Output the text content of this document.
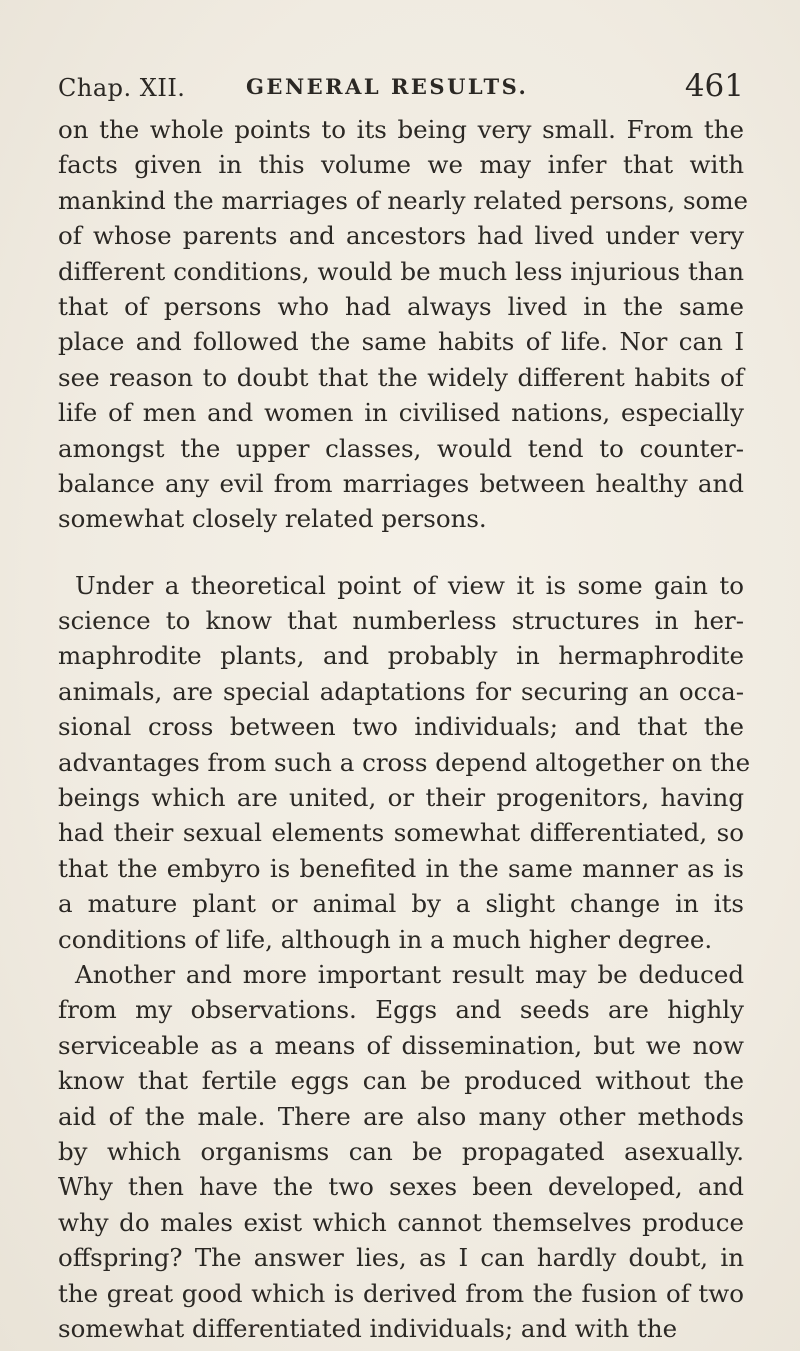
Chap. XII.	GENERAL RESULTS.	461
on the whole points to its being very small. From the
facts given in this volume we may infer that with
mankind the marriages of nearly related persons, some
of whose parents and ancestors had lived under very
different conditions, would be much less injurious than
that of persons who had always lived in the same
place and followed the same habits of life. Nor can I
see reason to doubt that the widely different habits of
life of men and women in civilised nations, especially
amongst the upper classes, would tend to counter-
balance any evil from marriages between healthy and
somewhat closely related persons.
Under a theoretical point of view it is some gain to
science to know that numberless structures in her-
maphrodite plants, and probably in hermaphrodite
animals, are special adaptations for securing an occa-
sional cross between two individuals; and that the
advantages from such a cross depend altogether on the
beings which are united, or their progenitors, having
had their sexual elements somewhat differentiated, so
that the embyro is benefited in the same manner as is
a mature plant or animal by a slight change in its
conditions of life, although in a much higher degree.
Another and more important result may be deduced
from my observations. Eggs and seeds are highly
serviceable as a means of dissemination, but we now
know that fertile eggs can be produced without the
aid of the male. There are also many other methods
by which organisms can be propagated asexually.
Why then have the two sexes been developed, and
why do males exist which cannot themselves produce
offspring? The answer lies, as I can hardly doubt, in
the great good which is derived from the fusion of two
somewhat differentiated individuals; and with the
